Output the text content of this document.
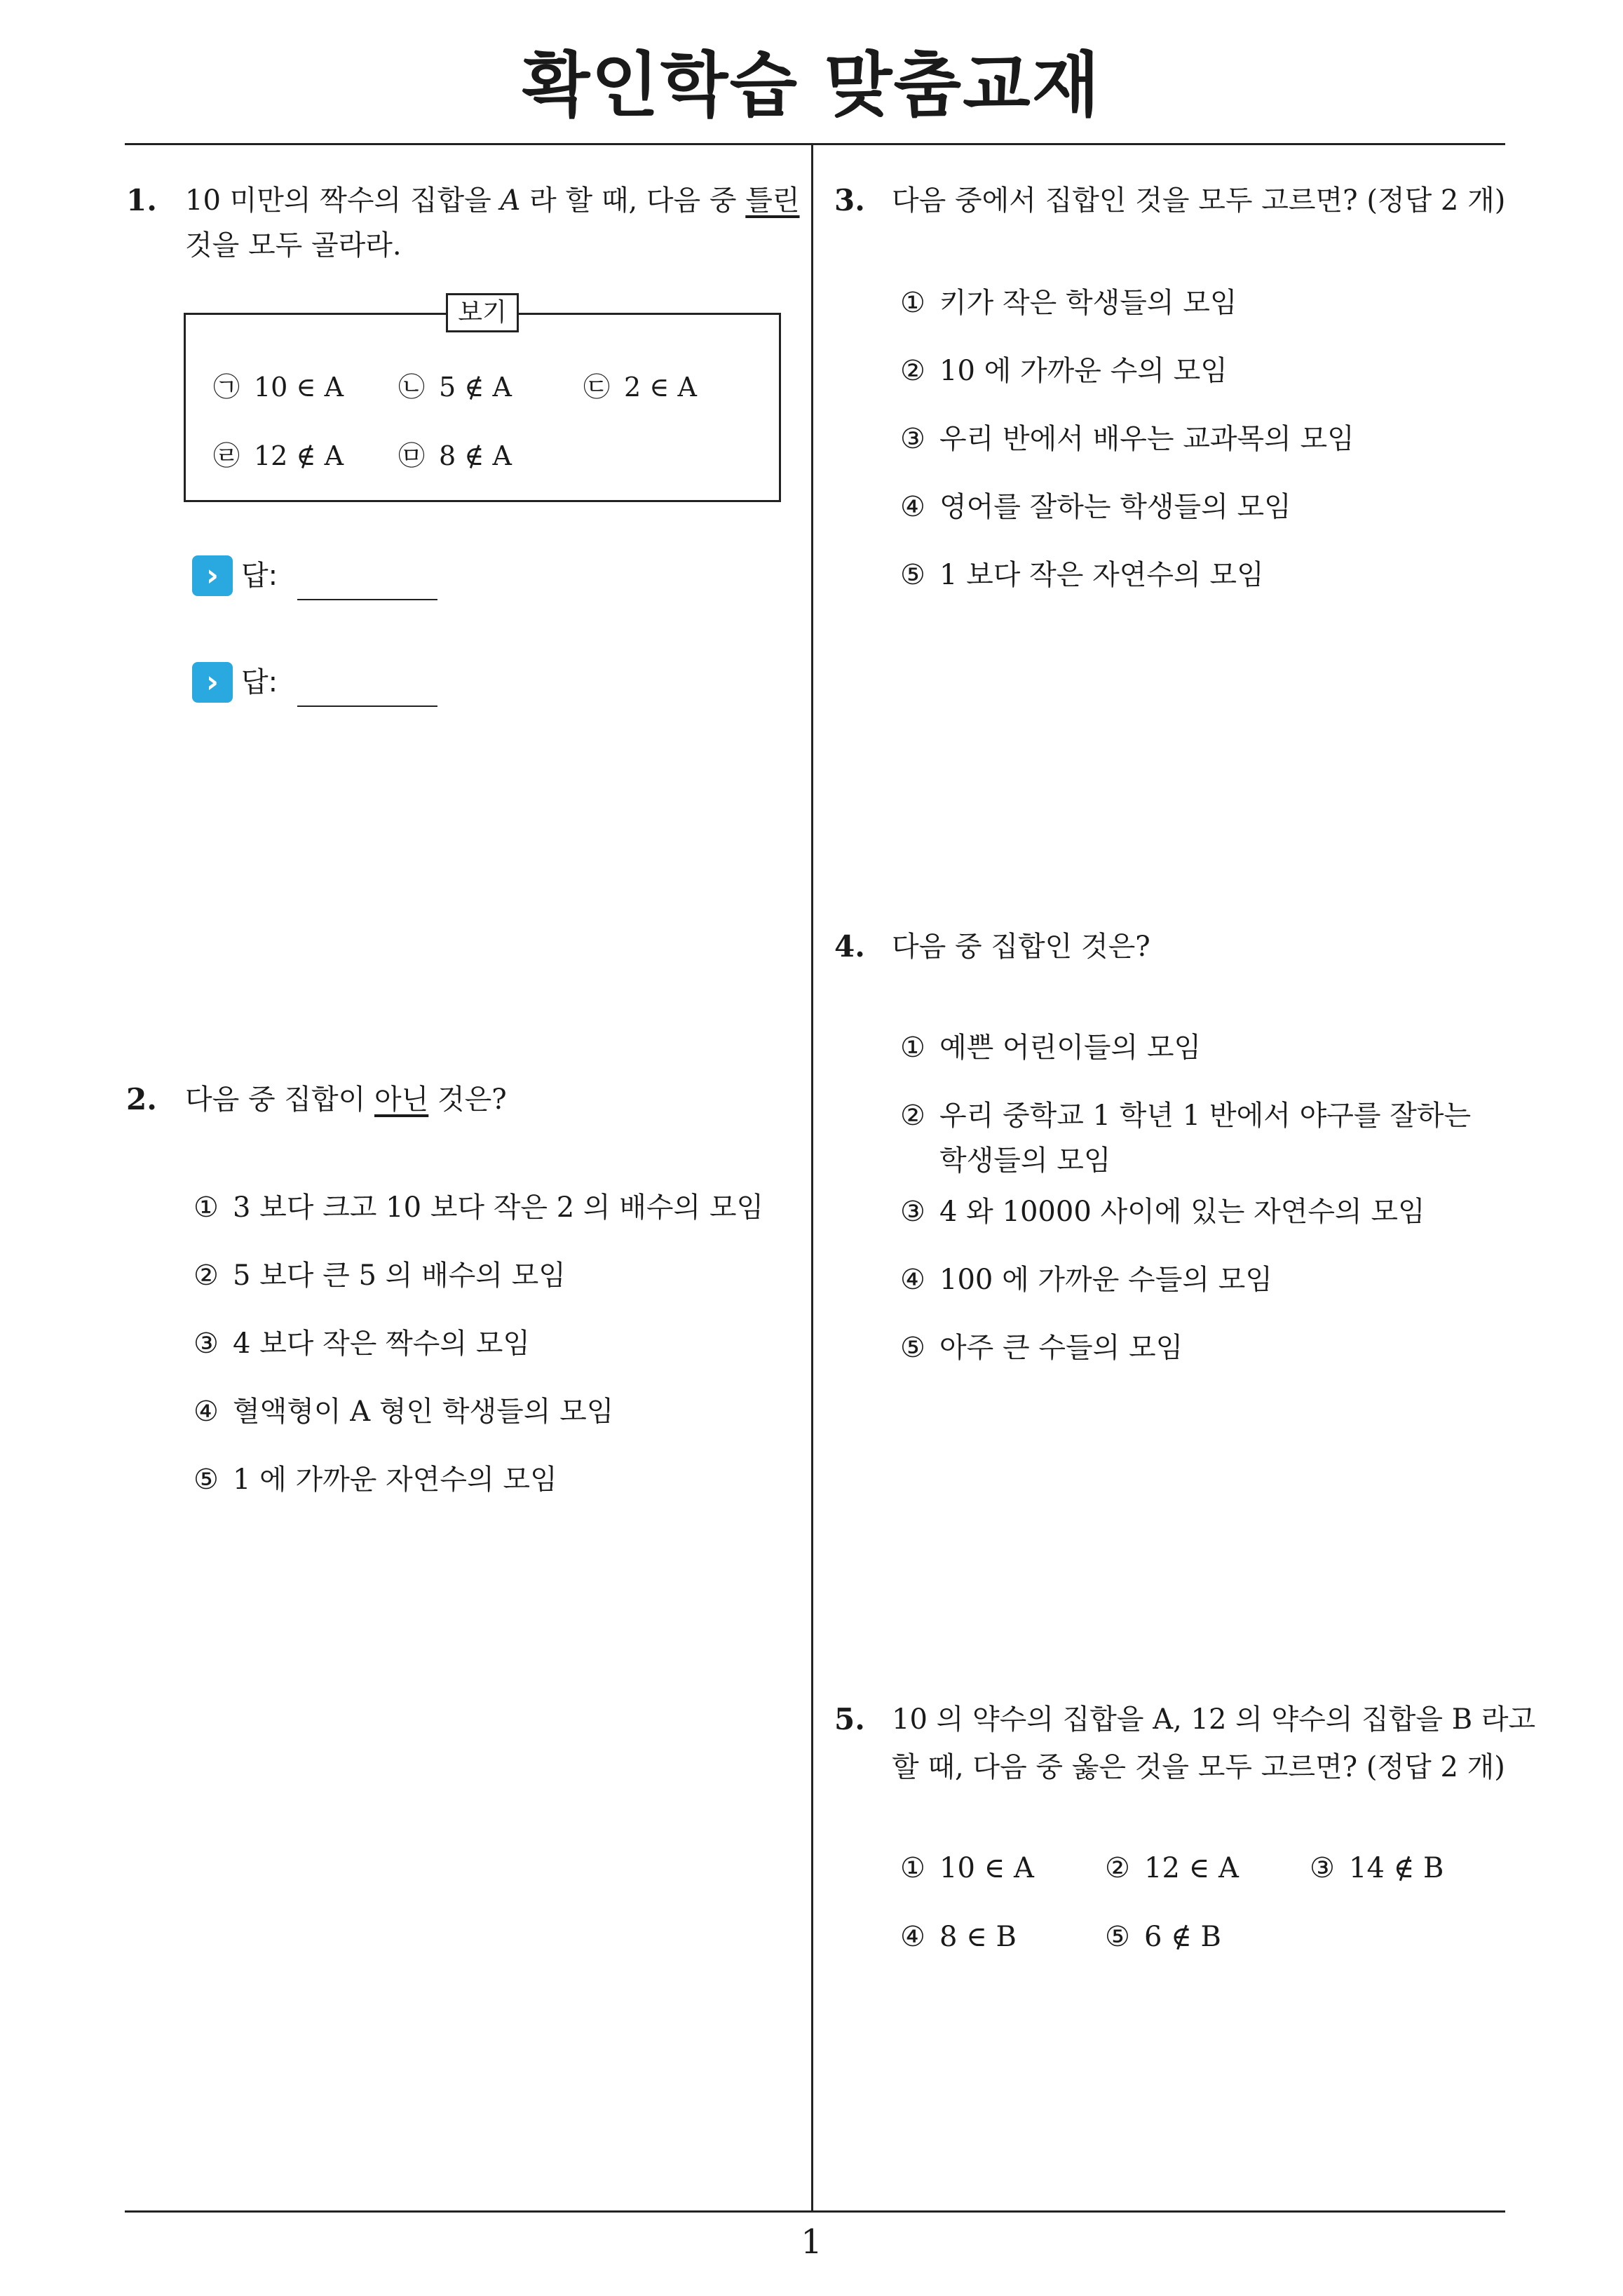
확인학습 맞춤교재
1
1. 10 미만의 짝수의 집합을 A 라 할 때, 다음 중 틀린
것을 모두 골라라.
보기
㉠ 10 ∈ A ㉡ 5 ∉ A	㉢ 2 ∈ A
㉣ 12 ∉ A ㉤ 8 ∉ A
› 답:
› 답:
2. 다음 중 집합이 아닌 것은?
① 3 보다 크고 10 보다 작은 2 의 배수의 모임
② 5 보다 큰 5 의 배수의 모임
③ 4 보다 작은 짝수의 모임
④ 혈액형이 A 형인 학생들의 모임
⑤ 1 에 가까운 자연수의 모임
3. 다음 중에서 집합인 것을 모두 고르면? (정답 2 개)
① 키가 작은 학생들의 모임
② 10 에 가까운 수의 모임
③ 우리 반에서 배우는 교과목의 모임
④ 영어를 잘하는 학생들의 모임
⑤ 1 보다 작은 자연수의 모임
4. 다음 중 집합인 것은?
① 예쁜 어린이들의 모임
② 우리 중학교 1 학년 1 반에서 야구를 잘하는
학생들의 모임
③ 4 와 10000 사이에 있는 자연수의 모임
④ 100 에 가까운 수들의 모임
⑤ 아주 큰 수들의 모임
5. 10 의 약수의 집합을 A, 12 의 약수의 집합을 B 라고
할 때, 다음 중 옳은 것을 모두 고르면? (정답 2 개)
① 10 ∈ A	② 12 ∈ A	③ 14 ∉ B
④ 8 ∈ B	⑤ 6 ∉ B
